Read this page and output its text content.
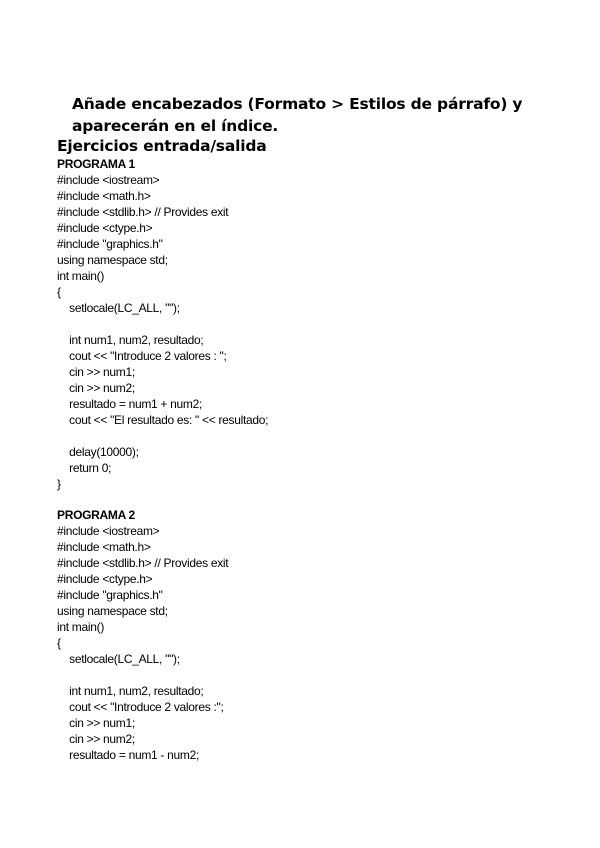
Añade encabezados (Formato > Estilos de párrafo) y
aparecerán en el índice.
Ejercicios entrada/salida
PROGRAMA 1
#include <iostream>
#include <math.h>
#include <stdlib.h> // Provides exit
#include <ctype.h>
#include "graphics.h"
using namespace std;
int main()
{
setlocale(LC_ALL, "");
int num1, num2, resultado;
cout << "Introduce 2 valores : ";
cin >> num1;
cin >> num2;
resultado = num1 + num2;
cout << "El resultado es: " << resultado;
delay(10000);
return 0;
}
PROGRAMA 2
#include <iostream>
#include <math.h>
#include <stdlib.h> // Provides exit
#include <ctype.h>
#include "graphics.h"
using namespace std;
int main()
{
setlocale(LC_ALL, "");
int num1, num2, resultado;
cout << "Introduce 2 valores :";
cin >> num1;
cin >> num2;
resultado = num1 - num2;
